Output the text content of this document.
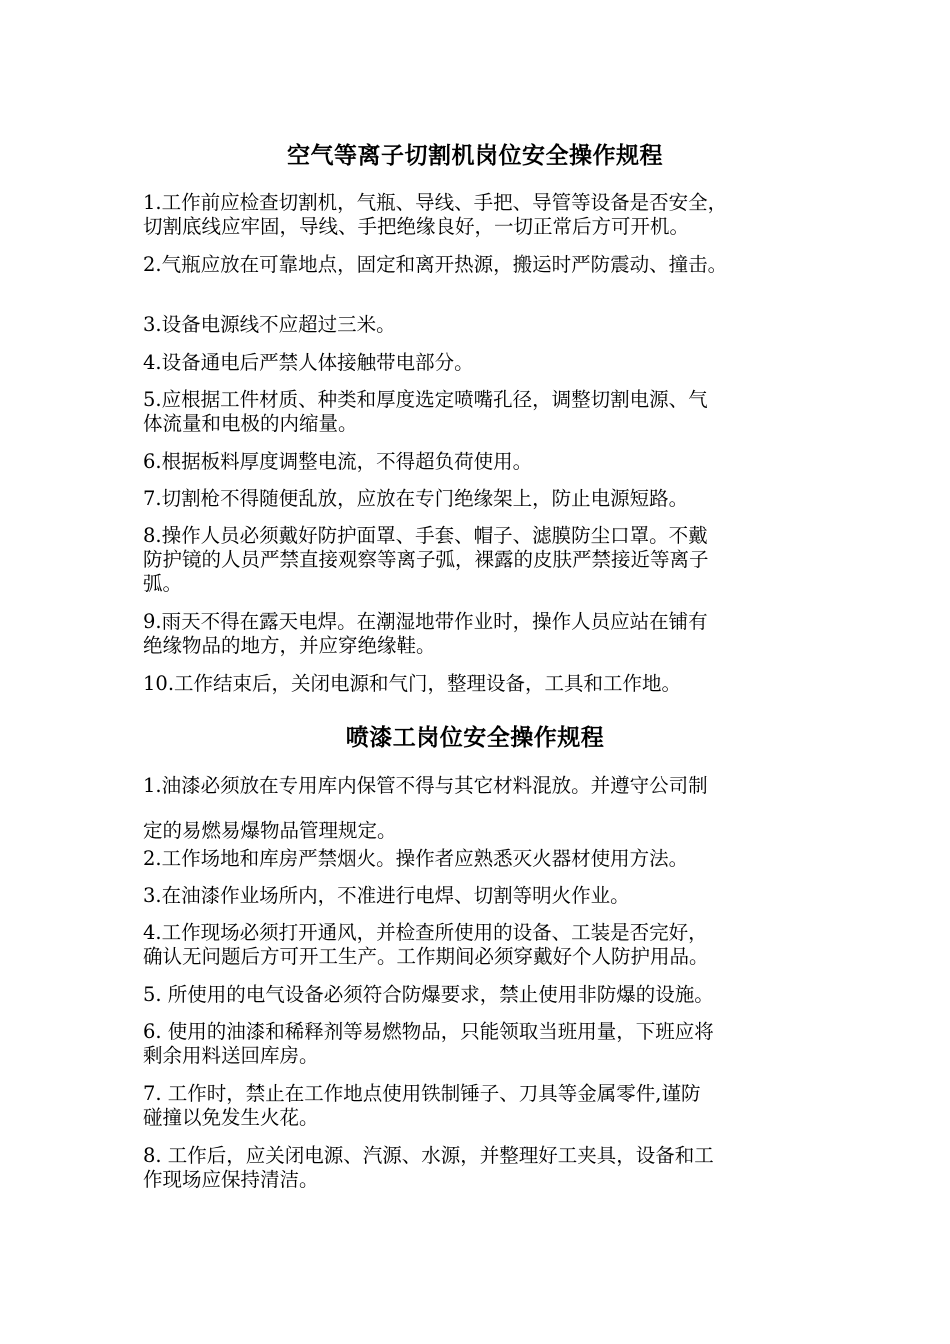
空气等离子切割机岗位安全操作规程

1.工作前应检查切割机，气瓶、导线、手把、导管等设备是否安全，
切割底线应牢固，导线、手把绝缘良好，一切正常后方可开机。

2.气瓶应放在可靠地点，固定和离开热源，搬运时严防震动、撞击。

3.设备电源线不应超过三米。

4.设备通电后严禁人体接触带电部分。

5.应根据工件材质、种类和厚度选定喷嘴孔径，调整切割电源、气
体流量和电极的内缩量。

6.根据板料厚度调整电流，不得超负荷使用。

7.切割枪不得随便乱放，应放在专门绝缘架上，防止电源短路。

8.操作人员必须戴好防护面罩、手套、帽子、滤膜防尘口罩。不戴
防护镜的人员严禁直接观察等离子弧，裸露的皮肤严禁接近等离子
弧。

9.雨天不得在露天电焊。在潮湿地带作业时，操作人员应站在铺有
绝缘物品的地方，并应穿绝缘鞋。

10.工作结束后，关闭电源和气门，整理设备，工具和工作地。

喷漆工岗位安全操作规程

1.油漆必须放在专用库内保管不得与其它材料混放。并遵守公司制
定的易燃易爆物品管理规定。

2.工作场地和库房严禁烟火。操作者应熟悉灭火器材使用方法。

3.在油漆作业场所内，不准进行电焊、切割等明火作业。

4.工作现场必须打开通风，并检查所使用的设备、工装是否完好，
确认无问题后方可开工生产。工作期间必须穿戴好个人防护用品。

5. 所使用的电气设备必须符合防爆要求，禁止使用非防爆的设施。

6. 使用的油漆和稀释剂等易燃物品，只能领取当班用量，下班应将
剩余用料送回库房。

7. 工作时，禁止在工作地点使用铁制锤子、刀具等金属零件,谨防
碰撞以免发生火花。

8. 工作后，应关闭电源、汽源、水源，并整理好工夹具，设备和工
作现场应保持清洁。
